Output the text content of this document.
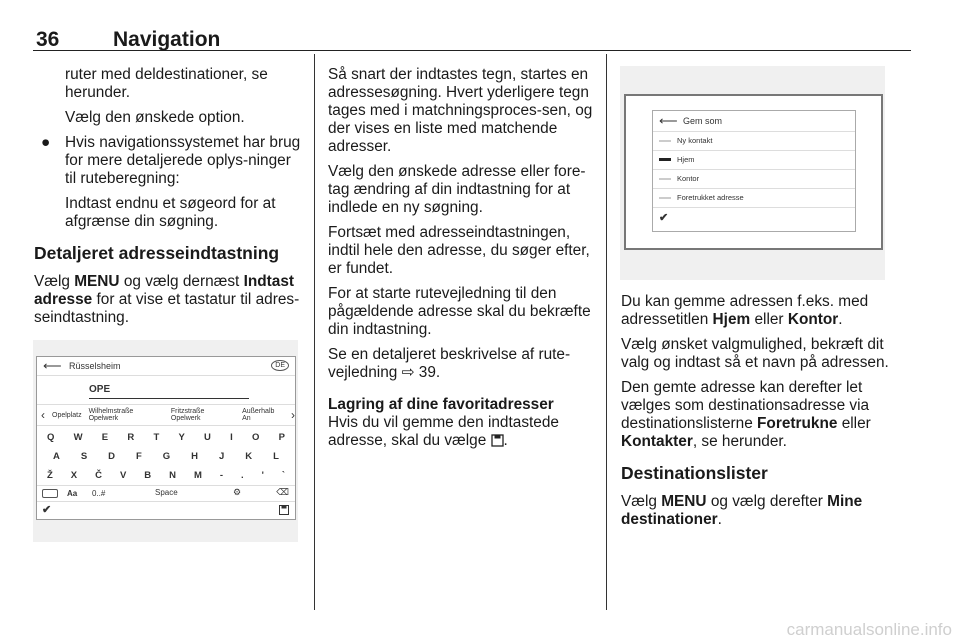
36	Navigation

ruter med deldestinationer, se herunder.

Vælg den ønskede option.

● Hvis navigationssystemet har brug for mere detaljerede oplys-ninger til ruteberegning:

Indtast endnu et søgeord for at afgrænse din søgning.

Detaljeret adresseindtastning

Vælg MENU og vælg dernæst Indtast adresse for at vise et tastatur til adres-seindtastning.

⟵ Rüsselsheim	DE
OPE
‹ Opelplatz Wilhelmstraße Opelwerk
Fritzstraße Opelwerk
Außerhalb An	›
Q W E R T Y U I O P
A S D F G H J K L
Ž X Č V B N M - . ' `
Aa 0..#	Space	⚙	⌫
✔

Så snart der indtastes tegn, startes en adressesøgning. Hvert yderligere tegn tages med i matchningsproces-sen, og der vises en liste med matchende adresser.

Vælg den ønskede adresse eller fore-tag ændring af din indtastning for at indlede en ny søgning.

Fortsæt med adresseindtastningen, indtil hele den adresse, du søger efter, er fundet.

For at starte rutevejledning til den pågældende adresse skal du bekræfte din indtastning.

Se en detaljeret beskrivelse af rute-vejledning ⇨ 39.

Lagring af dine favoritadresser

Hvis du vil gemme den indtastede adresse, skal du vælge .

⟵ Gem som
Ny kontakt
Hjem
Kontor
Foretrukket adresse
✔

Du kan gemme adressen f.eks. med adressetitlen Hjem eller Kontor.

Vælg ønsket valgmulighed, bekræft dit valg og indtast så et navn på adressen.

Den gemte adresse kan derefter let vælges som destinationsadresse via destinationslisterne Foretrukne eller Kontakter, se herunder.

Destinationslister

Vælg MENU og vælg derefter Mine destinationer.

carmanualsonline.info
